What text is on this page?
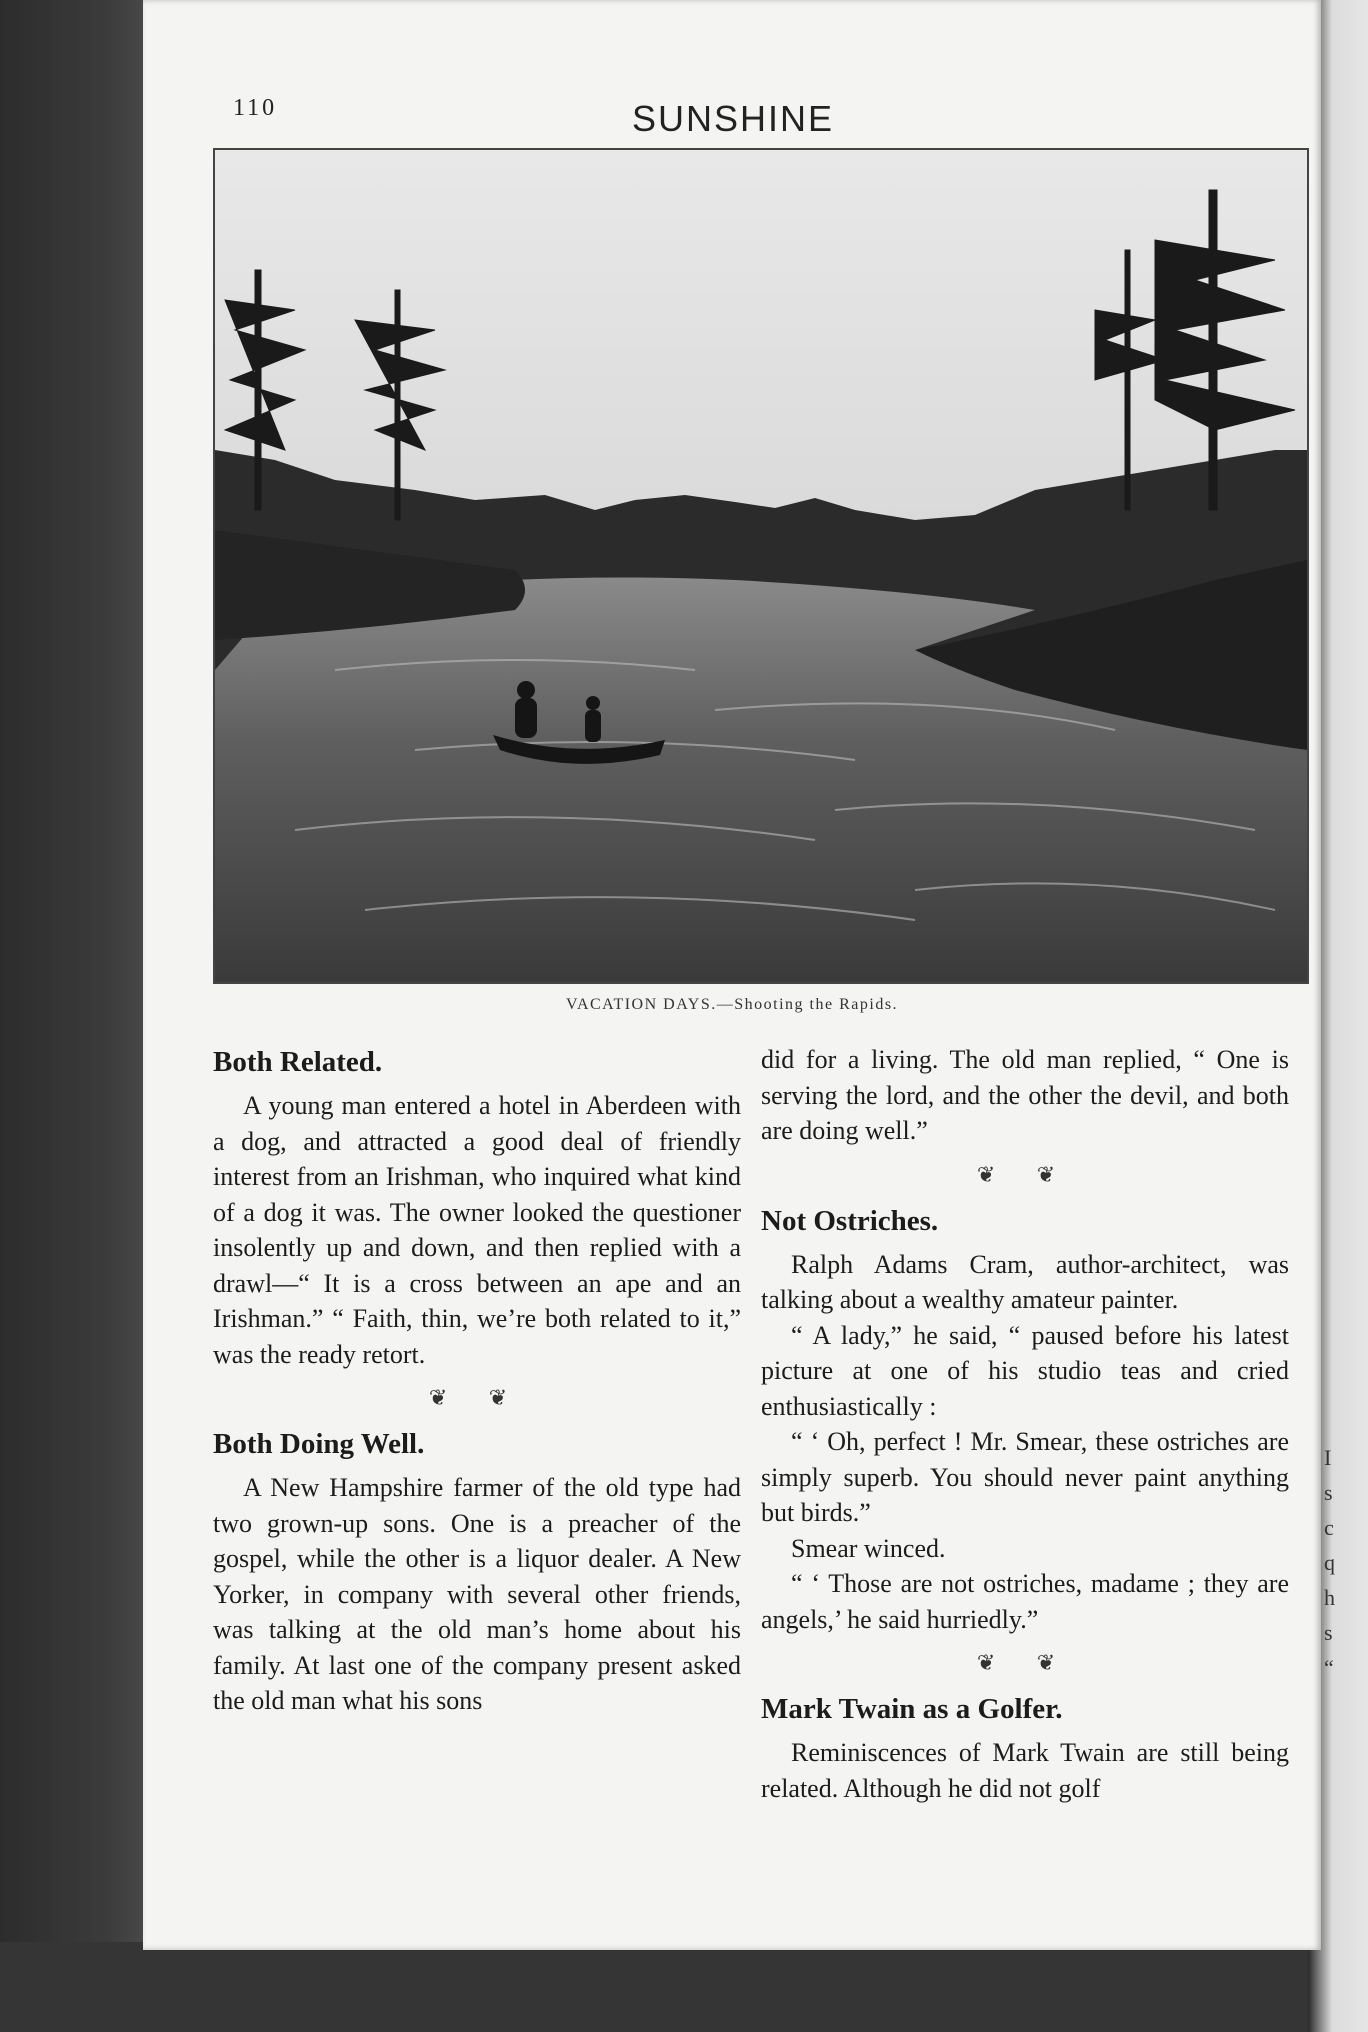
I
s
c
q
h
s
“
110	SUNSHINE
VACATION DAYS.—Shooting the Rapids.
Both Related.

A young man entered a hotel in Aberdeen with a dog, and attracted a good deal of friendly interest from an Irishman, who inquired what kind of a dog it was. The owner looked the questioner insolently up and down, and then replied with a drawl—“ It is a cross between an ape and an Irishman.” “ Faith, thin, we’re both related to it,” was the ready retort.

❦ ❦
Both Doing Well.

A New Hampshire farmer of the old type had two grown-up sons. One is a preacher of the gospel, while the other is a liquor dealer. A New Yorker, in company with several other friends, was talking at the old man’s home about his family. At last one of the company present asked the old man what his sons

did for a living. The old man replied, “ One is serving the lord, and the other the devil, and both are doing well.”

❦ ❦
Not Ostriches.

Ralph Adams Cram, author-architect, was talking about a wealthy amateur painter.

“ A lady,” he said, “ paused before his latest picture at one of his studio teas and cried enthusiastically :

“ ‘ Oh, perfect ! Mr. Smear, these ostriches are simply superb. You should never paint anything but birds.”

Smear winced.

“ ‘ Those are not ostriches, madame ; they are angels,’ he said hurriedly.”

❦ ❦
Mark Twain as a Golfer.

Reminiscences of Mark Twain are still being related. Although he did not golf
